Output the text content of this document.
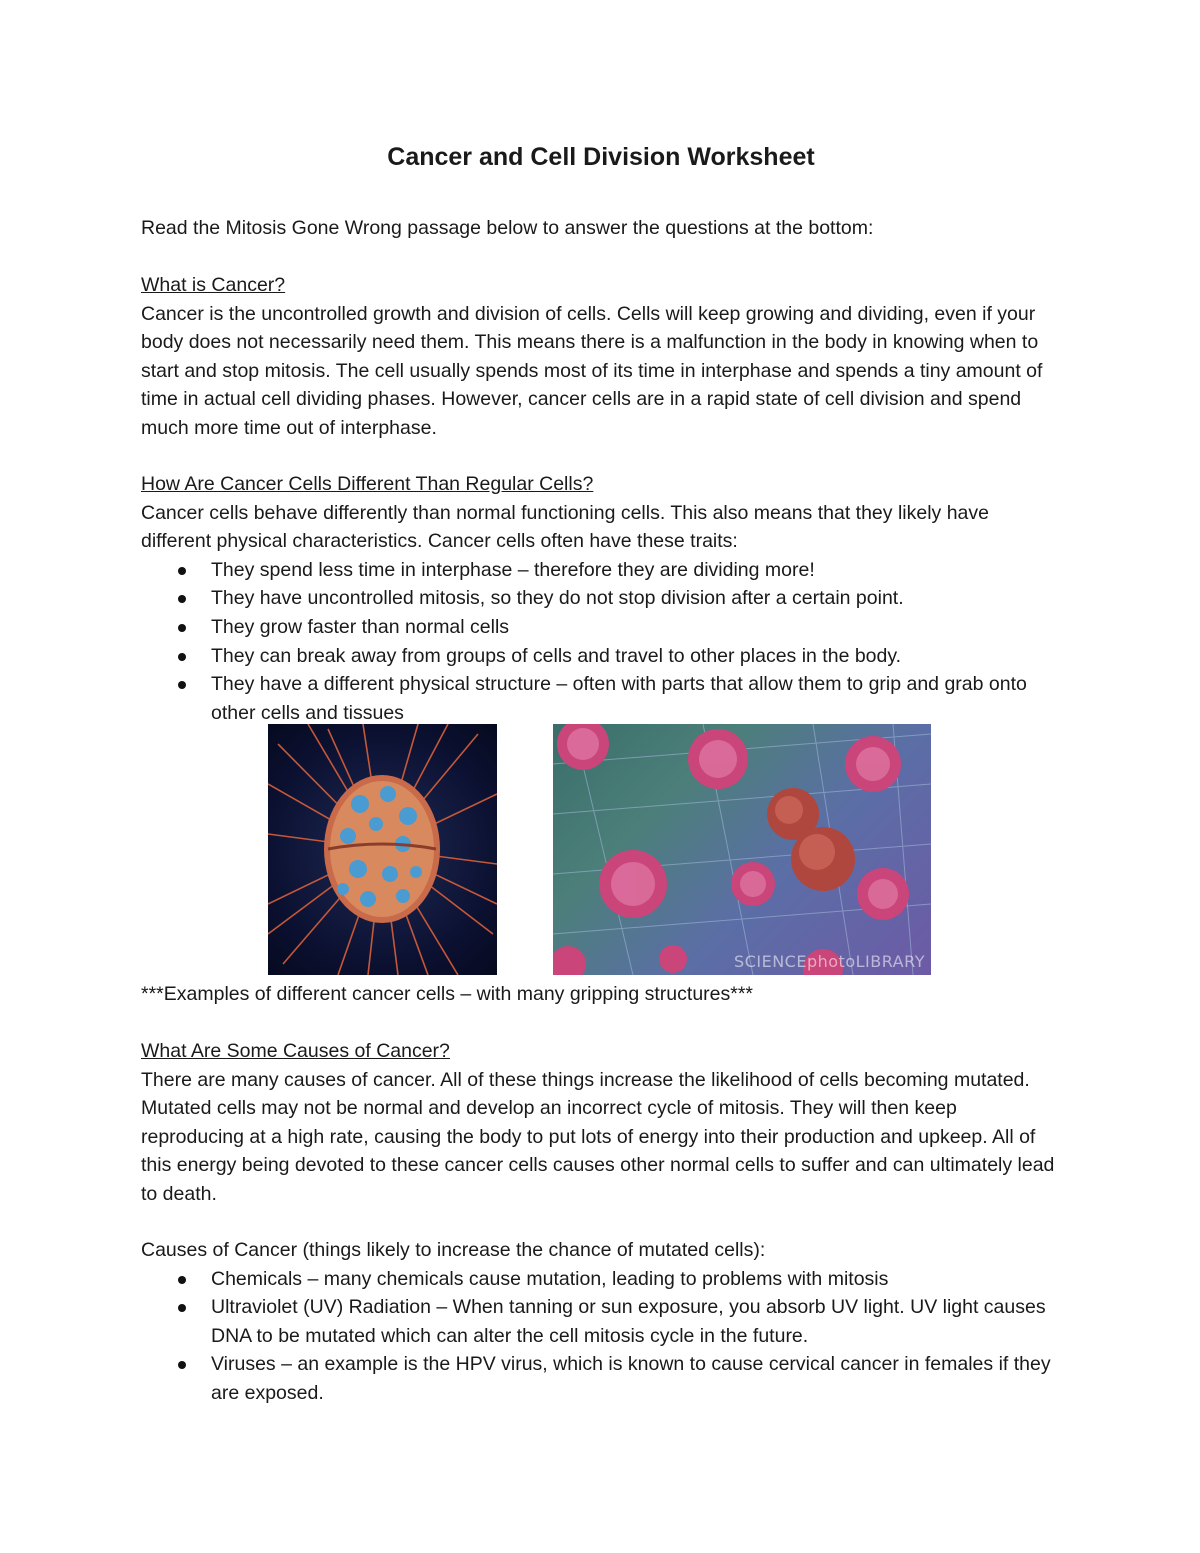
Cancer and Cell Division Worksheet

Read the Mitosis Gone Wrong passage below to answer the questions at the bottom:

What is Cancer?

Cancer is the uncontrolled growth and division of cells. Cells will keep growing and dividing, even if your body does not necessarily need them. This means there is a malfunction in the body in knowing when to start and stop mitosis. The cell usually spends most of its time in interphase and spends a tiny amount of time in actual cell dividing phases. However, cancer cells are in a rapid state of cell division and spend much more time out of interphase.

How Are Cancer Cells Different Than Regular Cells?

Cancer cells behave differently than normal functioning cells. This also means that they likely have different physical characteristics. Cancer cells often have these traits:

They spend less time in interphase – therefore they are dividing more!
They have uncontrolled mitosis, so they do not stop division after a certain point.
They grow faster than normal cells
They can break away from groups of cells and travel to other places in the body.
They have a different physical structure – often with parts that allow them to grip and grab onto other cells and tissues
SCIENCEphotoLIBRARY

***Examples of different cancer cells – with many gripping structures***

What Are Some Causes of Cancer?

There are many causes of cancer. All of these things increase the likelihood of cells becoming mutated. Mutated cells may not be normal and develop an incorrect cycle of mitosis. They will then keep reproducing at a high rate, causing the body to put lots of energy into their production and upkeep. All of this energy being devoted to these cancer cells causes other normal cells to suffer and can ultimately lead to death.

Causes of Cancer (things likely to increase the chance of mutated cells):

Chemicals – many chemicals cause mutation, leading to problems with mitosis
Ultraviolet (UV) Radiation – When tanning or sun exposure, you absorb UV light. UV light causes DNA to be mutated which can alter the cell mitosis cycle in the future.
Viruses – an example is the HPV virus, which is known to cause cervical cancer in females if they are exposed.
